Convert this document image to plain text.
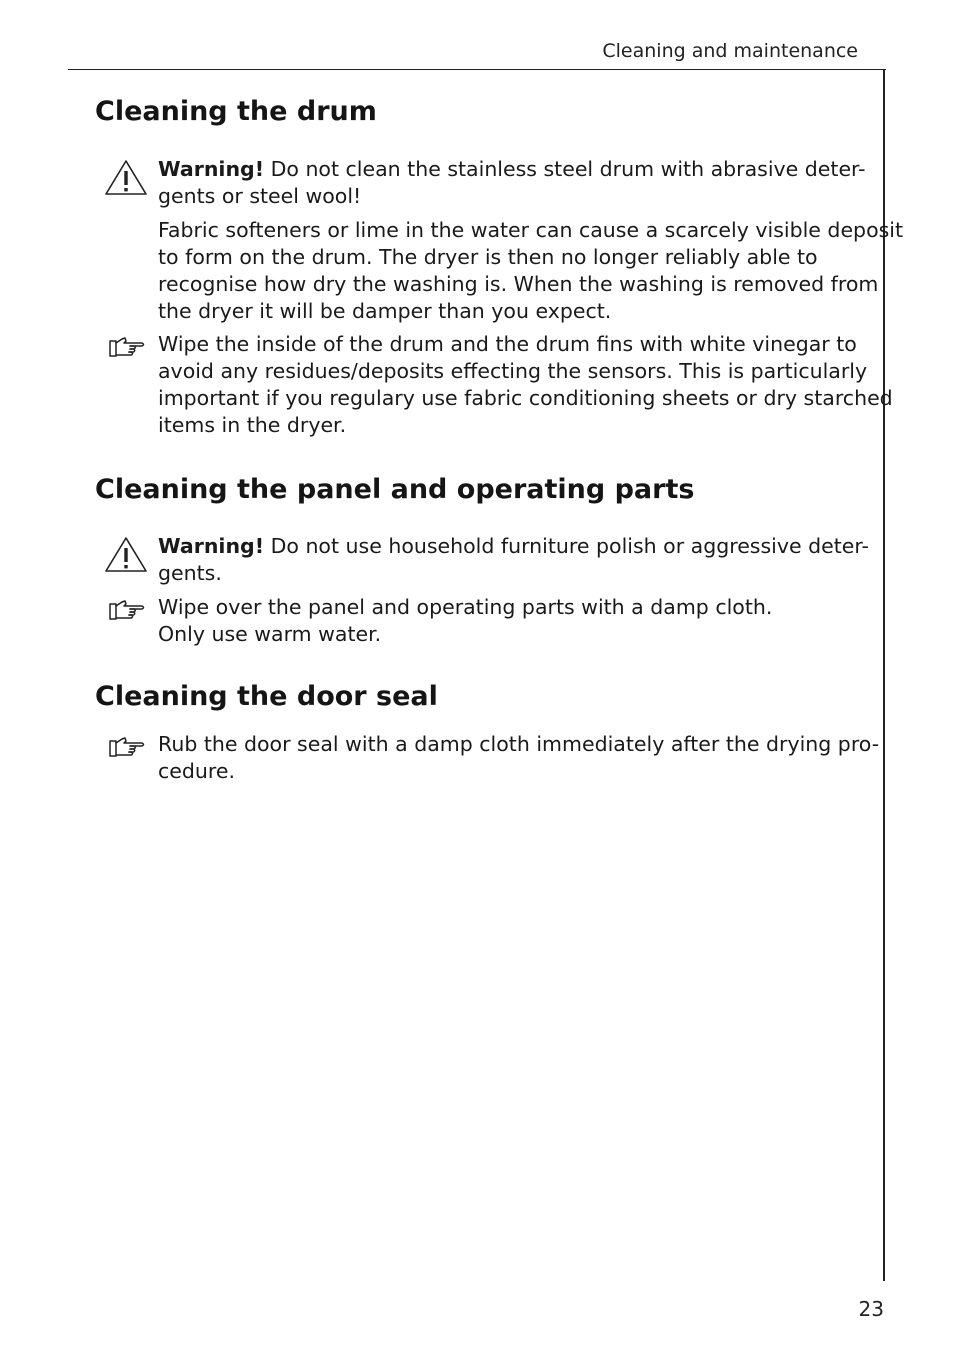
Cleaning and maintenance
Cleaning the drum

Warning! Do not clean the stainless steel drum with abrasive deter-
gents or steel wool!

Fabric softeners or lime in the water can cause a scarcely visible deposit
to form on the drum. The dryer is then no longer reliably able to
recognise how dry the washing is. When the washing is removed from
the dryer it will be damper than you expect.

Wipe the inside of the drum and the drum fins with white vinegar to
avoid any residues/deposits effecting the sensors. This is particularly
important if you regulary use fabric conditioning sheets or dry starched
items in the dryer.

Cleaning the panel and operating parts

Warning! Do not use household furniture polish or aggressive deter-
gents.

Wipe over the panel and operating parts with a damp cloth.
Only use warm water.

Cleaning the door seal

Rub the door seal with a damp cloth immediately after the drying pro-
cedure.

23
